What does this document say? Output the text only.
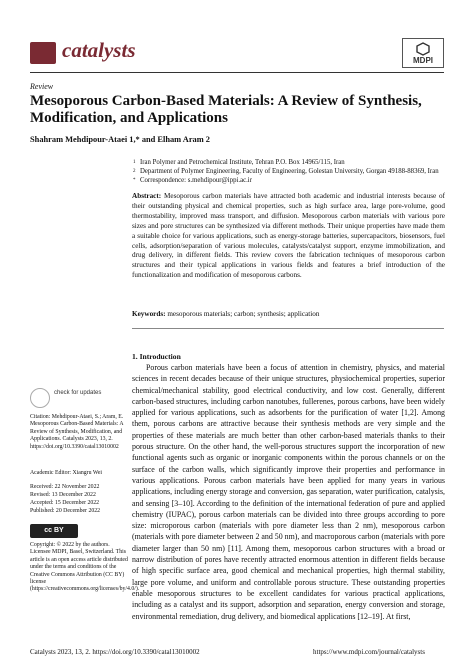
catalysts	MDPI
Review
Mesoporous Carbon-Based Materials: A Review of Synthesis, Modification, and Applications
Shahram Mehdipour-Ataei 1,* and Elham Aram 2
1 Iran Polymer and Petrochemical Institute, Tehran P.O. Box 14965/115, Iran
2 Department of Polymer Engineering, Faculty of Engineering, Golestan University, Gorgan 49188-88369, Iran
* Correspondence: s.mehdipour@ippi.ac.ir
Abstract: Mesoporous carbon materials have attracted both academic and industrial interests because of their outstanding physical and chemical properties, such as high surface area, large pore-volume, good thermostability, improved mass transport, and diffusion. Mesoporous carbon materials with various pore sizes and pore structures can be synthesized via different methods. Their unique properties have made them a suitable choice for various applications, such as energy-storage batteries, supercapacitors, biosensors, fuel cells, adsorption/separation of various molecules, catalysts/catalyst support, enzyme immobilization, and drug delivery, in different fields. This review covers the fabrication techniques of mesoporous carbon structures and their typical applications in various fields and features a brief introduction of the functionalization and modification of mesoporous carbons.
Keywords: mesoporous materials; carbon; synthesis; application
1. Introduction
Porous carbon materials have been a focus of attention in chemistry, physics, and material sciences in recent decades because of their unique structures, physiochemical properties, superior chemical/mechanical stability, good electrical conductivity, and low cost. Generally, different carbon-based structures, including carbon nanotubes, fullerenes, porous carbons, have been widely applied for various applications, such as adsorbents for the purification of water [1,2]. Among them, porous carbons are attractive because their synthesis methods are very simple and the properties of these materials are much better than other carbon-based materials thanks to their porous structure. On the other hand, the well-porous structures support the incorporation of new functional agents such as organic or inorganic components within the porous channels or on the surface of the carbon walls, which significantly improve their properties and performance in various applications. Porous carbon materials have been applied for many years in various applications, including energy storage and conversion, gas separation, water purification, catalysis, and sensing [3–10]. According to the definition of the international federation of pure and applied chemistry (IUPAC), porous carbon materials can be divided into three groups according to pore size: microporous carbon (materials with pore diameter less than 2 nm), mesoporous carbon (materials with pore diameter between 2 and 50 nm), and macroporous carbon (materials with pore diameter larger than 50 nm) [11]. Among them, mesoporous carbon structures with a broad or narrow distribution of pores have recently attracted enormous attention in different fields because of high specific surface area, good chemical and mechanical properties, high thermal stability, large pore volume, and uniform and controllable porous structure. These outstanding properties enable mesoporous structures to be excellent candidates for various practical applications, including as a catalyst and its support, adsorption and separation, energy conversion and storage, environmental remediation, drug delivery, and biomedical applications [12–19]. At first,
check for updates
Citation: Mehdipour-Ataei, S.; Aram, E. Mesoporous Carbon-Based Materials: A Review of Synthesis, Modification, and Applications. Catalysts 2023, 13, 2. https://doi.org/10.3390/catal13010002
Academic Editor: Xiangru Wei
Received: 22 November 2022
Revised: 13 December 2022
Accepted: 15 December 2022
Published: 20 December 2022
cc BY
Copyright: © 2022 by the authors. Licensee MDPI, Basel, Switzerland. This article is an open access article distributed under the terms and conditions of the Creative Commons Attribution (CC BY) license (https://creativecommons.org/licenses/by/4.0/).
Catalysts 2023, 13, 2. https://doi.org/10.3390/catal13010002	https://www.mdpi.com/journal/catalysts
